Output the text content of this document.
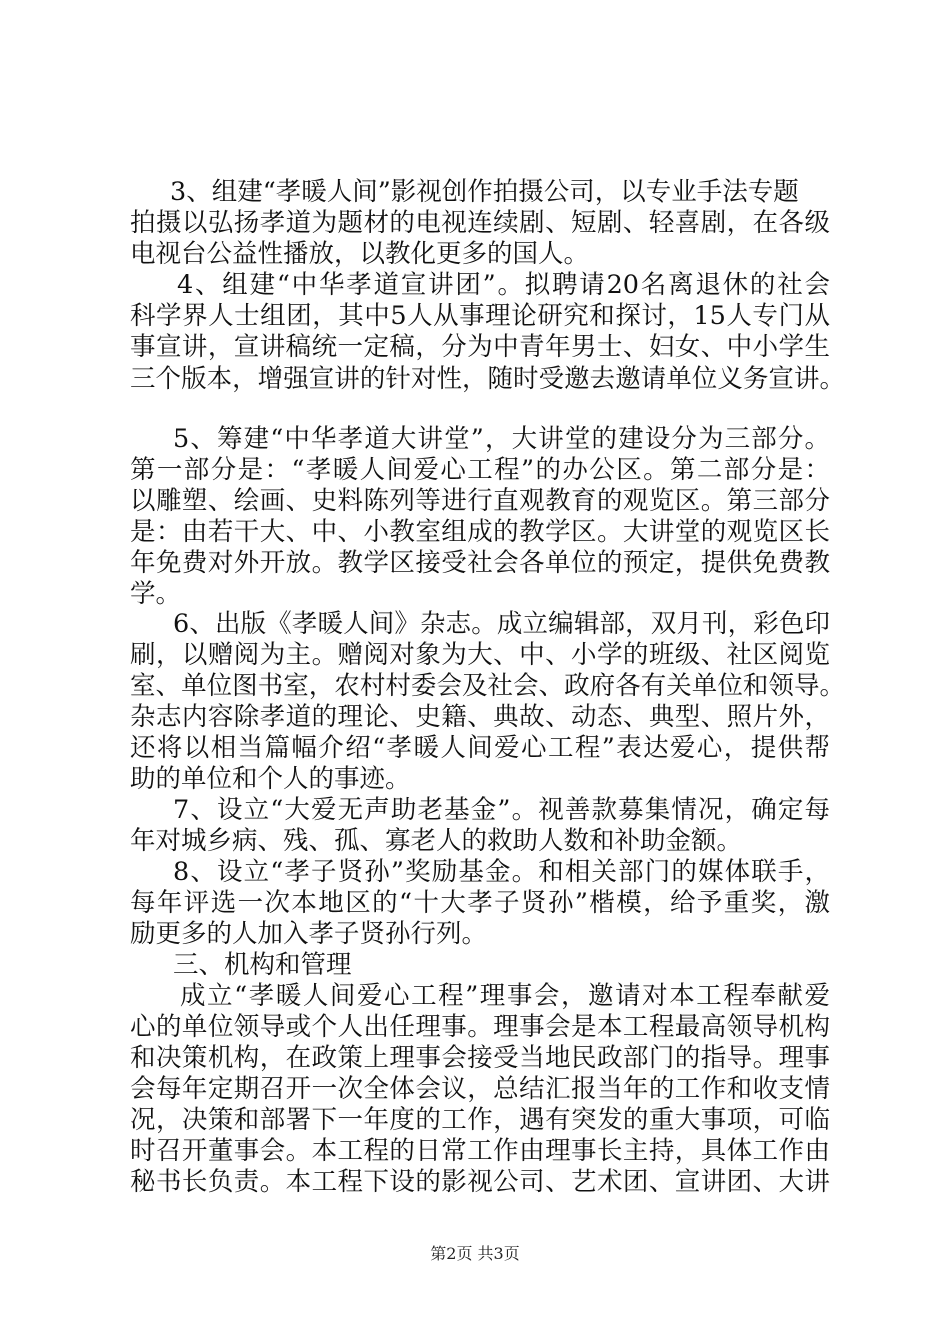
3、组建“孝暖人间”影视创作拍摄公司，以专业手法专题
拍摄以弘扬孝道为题材的电视连续剧、短剧、轻喜剧，在各级
电视台公益性播放，以教化更多的国人。
4、组建“中华孝道宣讲团”。拟聘请20名离退休的社会
科学界人士组团，其中5人从事理论研究和探讨，15人专门从
事宣讲，宣讲稿统一定稿，分为中青年男士、妇女、中小学生
三个版本，增强宣讲的针对性，随时受邀去邀请单位义务宣讲。
5、筹建“中华孝道大讲堂”，大讲堂的建设分为三部分。
第一部分是：“孝暖人间爱心工程”的办公区。第二部分是：
以雕塑、绘画、史料陈列等进行直观教育的观览区。第三部分
是：由若干大、中、小教室组成的教学区。大讲堂的观览区长
年免费对外开放。教学区接受社会各单位的预定，提供免费教
学。
6、出版《孝暖人间》杂志。成立编辑部，双月刊，彩色印
刷，以赠阅为主。赠阅对象为大、中、小学的班级、社区阅览
室、单位图书室，农村村委会及社会、政府各有关单位和领导。
杂志内容除孝道的理论、史籍、典故、动态、典型、照片外，
还将以相当篇幅介绍“孝暖人间爱心工程”表达爱心，提供帮
助的单位和个人的事迹。
7、设立“大爱无声助老基金”。视善款募集情况，确定每
年对城乡病、残、孤、寡老人的救助人数和补助金额。
8、设立“孝子贤孙”奖励基金。和相关部门的媒体联手，
每年评选一次本地区的“十大孝子贤孙”楷模，给予重奖，激
励更多的人加入孝子贤孙行列。
三、机构和管理
成立“孝暖人间爱心工程”理事会，邀请对本工程奉献爱
心的单位领导或个人出任理事。理事会是本工程最高领导机构
和决策机构，在政策上理事会接受当地民政部门的指导。理事
会每年定期召开一次全体会议，总结汇报当年的工作和收支情
况，决策和部署下一年度的工作，遇有突发的重大事项，可临
时召开董事会。本工程的日常工作由理事长主持，具体工作由
秘书长负责。本工程下设的影视公司、艺术团、宣讲团、大讲
第2页 共3页
